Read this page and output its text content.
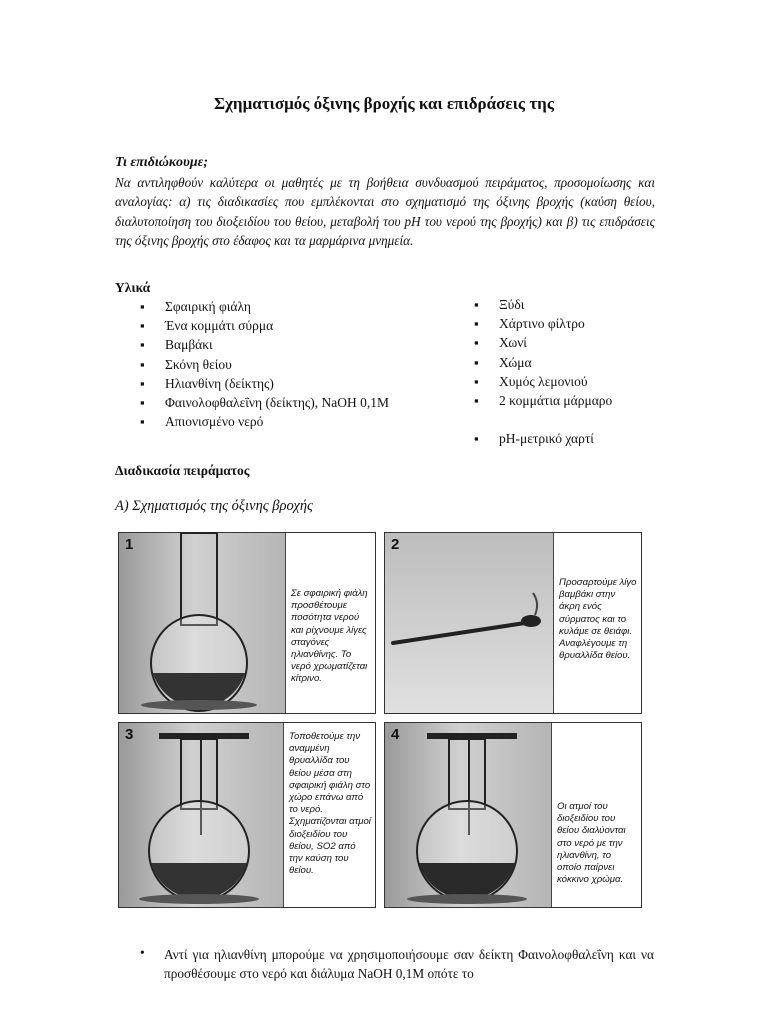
Σχηματισμός όξινης βροχής και επιδράσεις της
Τι επιδιώκουμε;
Να αντιληφθούν καλύτερα οι μαθητές με τη βοήθεια συνδυασμού πειράματος, προσομοίωσης και αναλογίας: α) τις διαδικασίες που εμπλέκονται στο σχηματισμό της όξινης βροχής (καύση θείου, διαλυτοποίηση του διοξειδίου του θείου, μεταβολή του pH του νερού της βροχής) και β) τις επιδράσεις της όξινης βροχής στο έδαφος και τα μαρμάρινα μνημεία.
Υλικά
▪ Σφαιρική φιάλη
▪ Ένα κομμάτι σύρμα
▪ Βαμβάκι
▪ Σκόνη θείου
▪ Ηλιανθίνη (δείκτης)
▪ Φαινολοφθαλεΐνη (δείκτης), NaOH 0,1M
▪ Απιονισμένο νερό
▪ Ξύδι
▪ Χάρτινο φίλτρο
▪ Χωνί
▪ Χώμα
▪ Χυμός λεμονιού
▪ 2 κομμάτια μάρμαρο
▪ pH-μετρικό χαρτί
Διαδικασία πειράματος
Α) Σχηματισμός της όξινης βροχής
1
Σε σφαιρική φιάλη προσθέτουμε ποσότητα νερού και ρίχνουμε λίγες σταγόνες ηλιανθίνης. Το νερό χρωματίζεται κίτρινο.
2
Προσαρτούμε λίγο βαμβάκι στην άκρη ενός σύρματος και το κυλάμε σε θειάφι. Αναφλέγουμε τη θρυαλλίδα θείου.
3	Τοποθετούμε την αναμμένη θρυαλλίδα του θείου μέσα στη σφαιρική φιάλη στο χώρο επάνω από το νερό. Σχηματίζονται ατμοί διοξειδίου του θείου, SO2 από την καύση του θείου.
4
Οι ατμοί του διοξειδίου του θείου διαλύονται στο νερό με την ηλιανθίνη, το οποίο παίρνει κόκκινο χρώμα.
• Αντί για ηλιανθίνη μπορούμε να χρησιμοποιήσουμε σαν δείκτη Φαινολοφθαλεΐνη και να προσθέσουμε στο νερό και διάλυμα NaOH 0,1M οπότε το
